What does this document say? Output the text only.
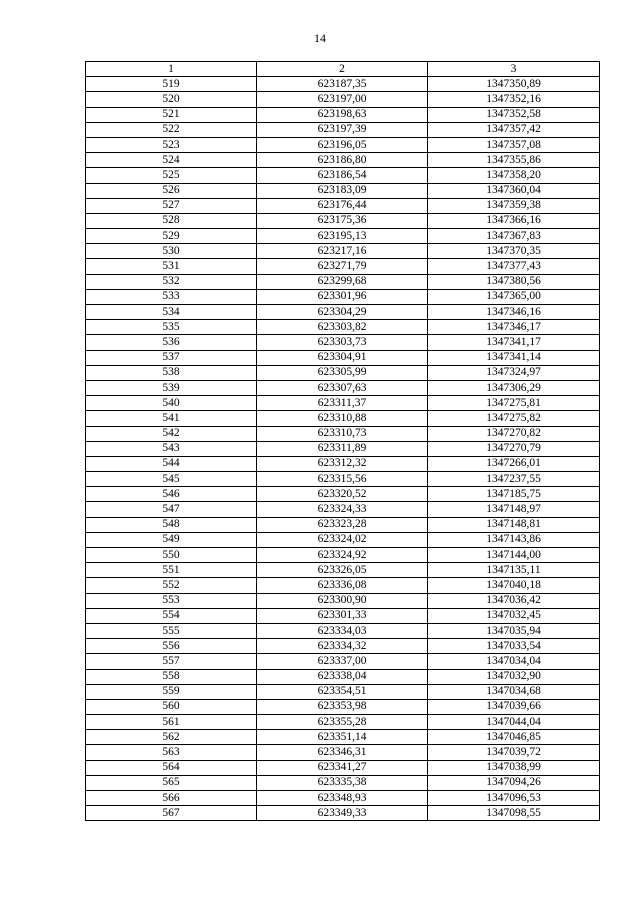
14
1	2	3
519	623187,35	1347350,89
520	623197,00	1347352,16
521	623198,63	1347352,58
522	623197,39	1347357,42
523	623196,05	1347357,08
524	623186,80	1347355,86
525	623186,54	1347358,20
526	623183,09	1347360,04
527	623176,44	1347359,38
528	623175,36	1347366,16
529	623195,13	1347367,83
530	623217,16	1347370,35
531	623271,79	1347377,43
532	623299,68	1347380,56
533	623301,96	1347365,00
534	623304,29	1347346,16
535	623303,82	1347346,17
536	623303,73	1347341,17
537	623304,91	1347341,14
538	623305,99	1347324,97
539	623307,63	1347306,29
540	623311,37	1347275,81
541	623310,88	1347275,82
542	623310,73	1347270,82
543	623311,89	1347270,79
544	623312,32	1347266,01
545	623315,56	1347237,55
546	623320,52	1347185,75
547	623324,33	1347148,97
548	623323,28	1347148,81
549	623324,02	1347143,86
550	623324,92	1347144,00
551	623326,05	1347135,11
552	623336,08	1347040,18
553	623300,90	1347036,42
554	623301,33	1347032,45
555	623334,03	1347035,94
556	623334,32	1347033,54
557	623337,00	1347034,04
558	623338,04	1347032,90
559	623354,51	1347034,68
560	623353,98	1347039,66
561	623355,28	1347044,04
562	623351,14	1347046,85
563	623346,31	1347039,72
564	623341,27	1347038,99
565	623335,38	1347094,26
566	623348,93	1347096,53
567	623349,33	1347098,55
